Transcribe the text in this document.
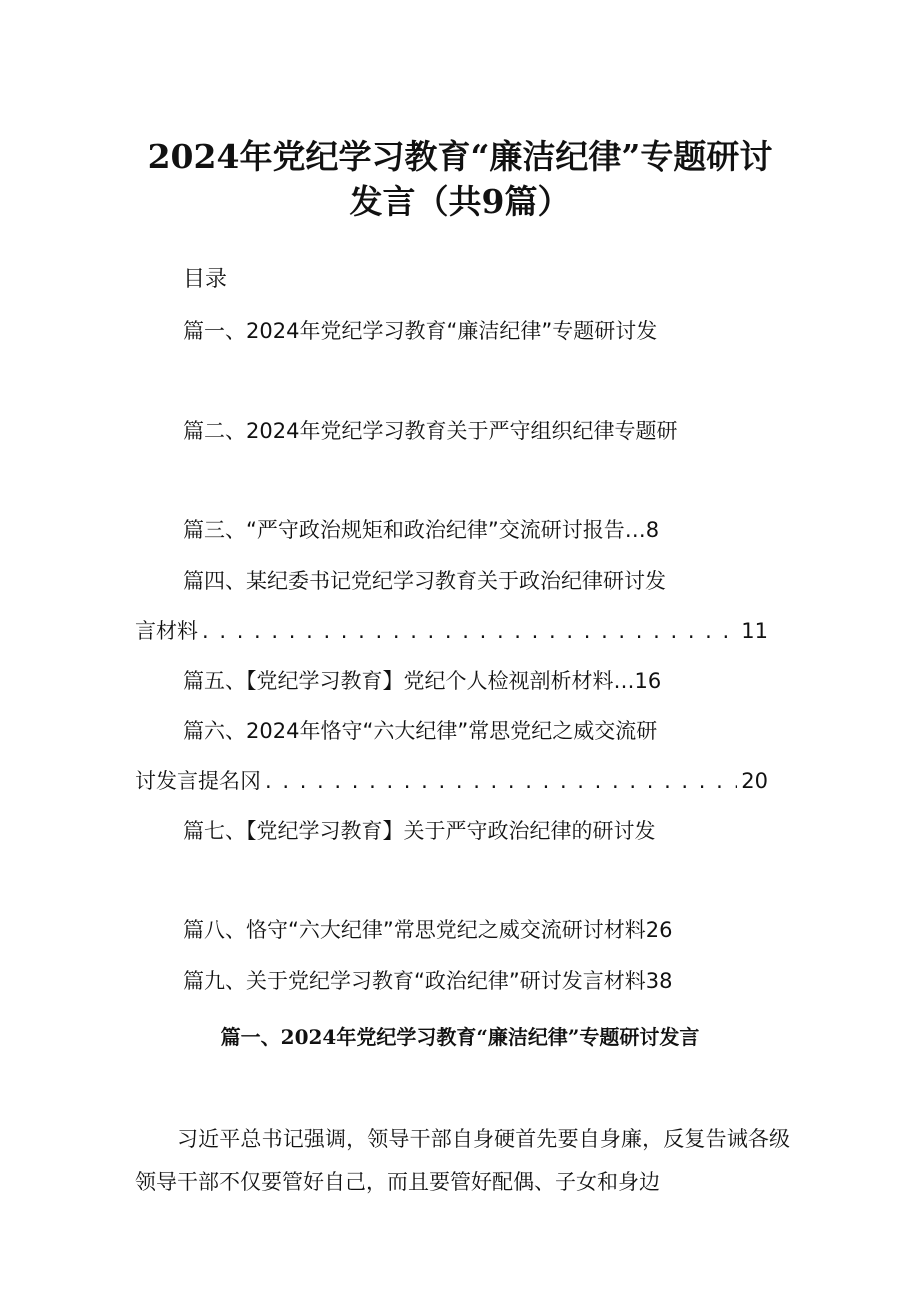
2024年党纪学习教育“廉洁纪律”专题研讨
发言（共9篇）
目录
篇一、2024年党纪学习教育“廉洁纪律”专题研讨发
篇二、2024年党纪学习教育关于严守组织纪律专题研
篇三、“严守政治规矩和政治纪律”交流研讨报告…8
篇四、某纪委书记党纪学习教育关于政治纪律研讨发
言材料 . . .	11
篇五、【党纪学习教育】党纪个人检视剖析材料…16
篇六、2024年恪守“六大纪律”常思党纪之威交流研
讨发言提名冈 . . .	20
篇七、【党纪学习教育】关于严守政治纪律的研讨发
篇八、恪守“六大纪律”常思党纪之威交流研讨材料26
篇九、关于党纪学习教育“政治纪律”研讨发言材料38
篇一、2024年党纪学习教育“廉洁纪律”专题研讨发言
习近平总书记强调，领导干部自身硬首先要自身廉，反复告诫各级领导干部不仅要管好自己，而且要管好配偶、子女和身边
